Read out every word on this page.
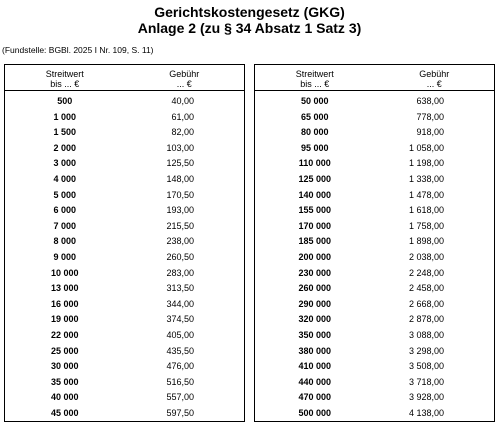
Gerichtskostengesetz (GKG)
Anlage 2 (zu § 34 Absatz 1 Satz 3)
(Fundstelle: BGBl. 2025 I Nr. 109, S. 11)
Streitwert
bis ... €
Gebühr
... €
500	40,00
1 000	61,00
1 500	82,00
2 000	103,00
3 000	125,50
4 000	148,00
5 000	170,50
6 000	193,00
7 000	215,50
8 000	238,00
9 000	260,50
10 000	283,00
13 000	313,50
16 000	344,00
19 000	374,50
22 000	405,00
25 000	435,50
30 000	476,00
35 000	516,50
40 000	557,00
45 000	597,50
Streitwert
bis ... €
Gebühr
... €
50 000	638,00
65 000	778,00
80 000	918,00
95 000	1 058,00
110 000	1 198,00
125 000	1 338,00
140 000	1 478,00
155 000	1 618,00
170 000	1 758,00
185 000	1 898,00
200 000	2 038,00
230 000	2 248,00
260 000	2 458,00
290 000	2 668,00
320 000	2 878,00
350 000	3 088,00
380 000	3 298,00
410 000	3 508,00
440 000	3 718,00
470 000	3 928,00
500 000	4 138,00
